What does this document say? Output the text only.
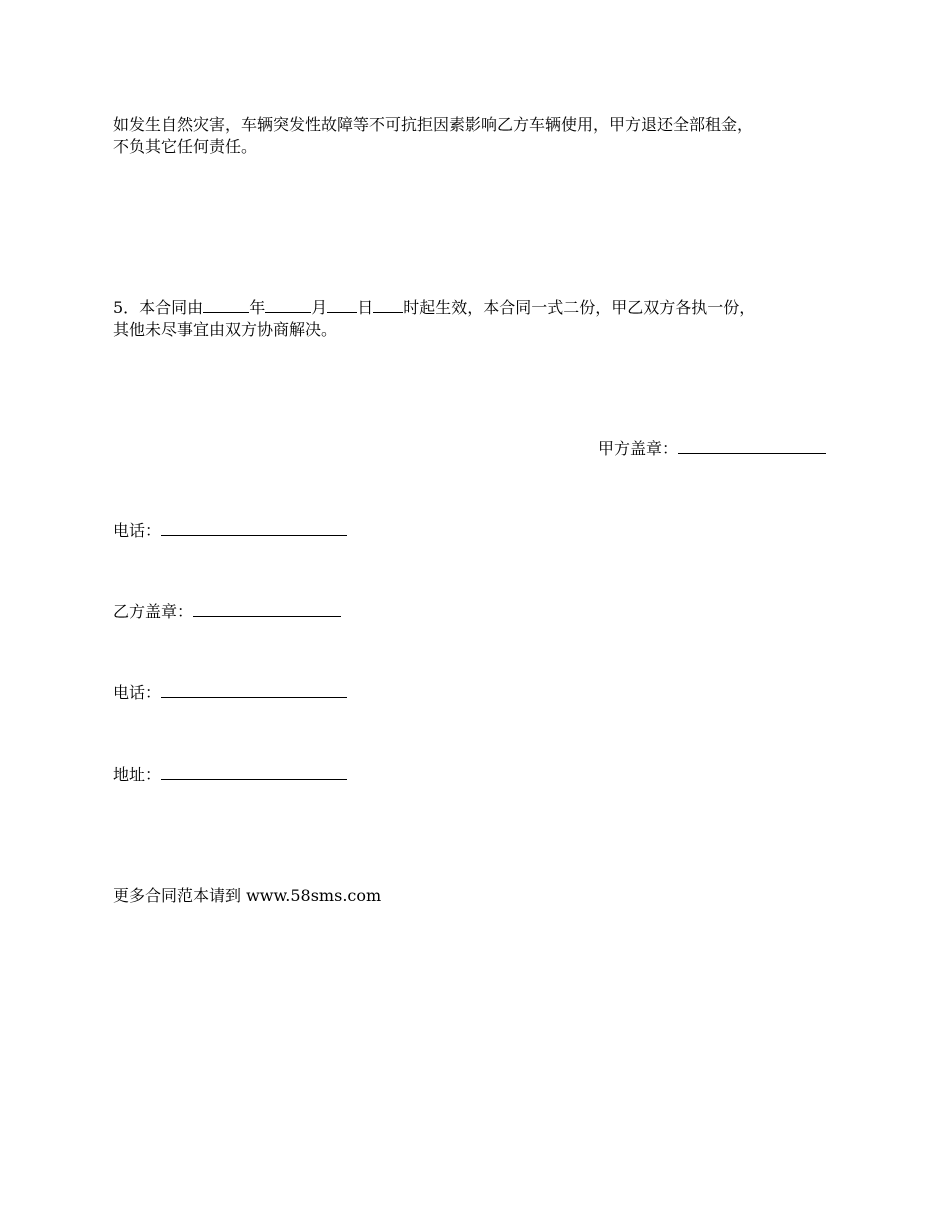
如发生自然灾害，车辆突发性故障等不可抗拒因素影响乙方车辆使用，甲方退还全部租金，
不负其它任何责任。
5．本合同由	年	月 日 时起生效，本合同一式二份，甲乙双方各执一份，
其他未尽事宜由双方协商解决。
甲方盖章：
电话：
乙方盖章：
电话：
地址：
更多合同范本请到 www.58sms.com
